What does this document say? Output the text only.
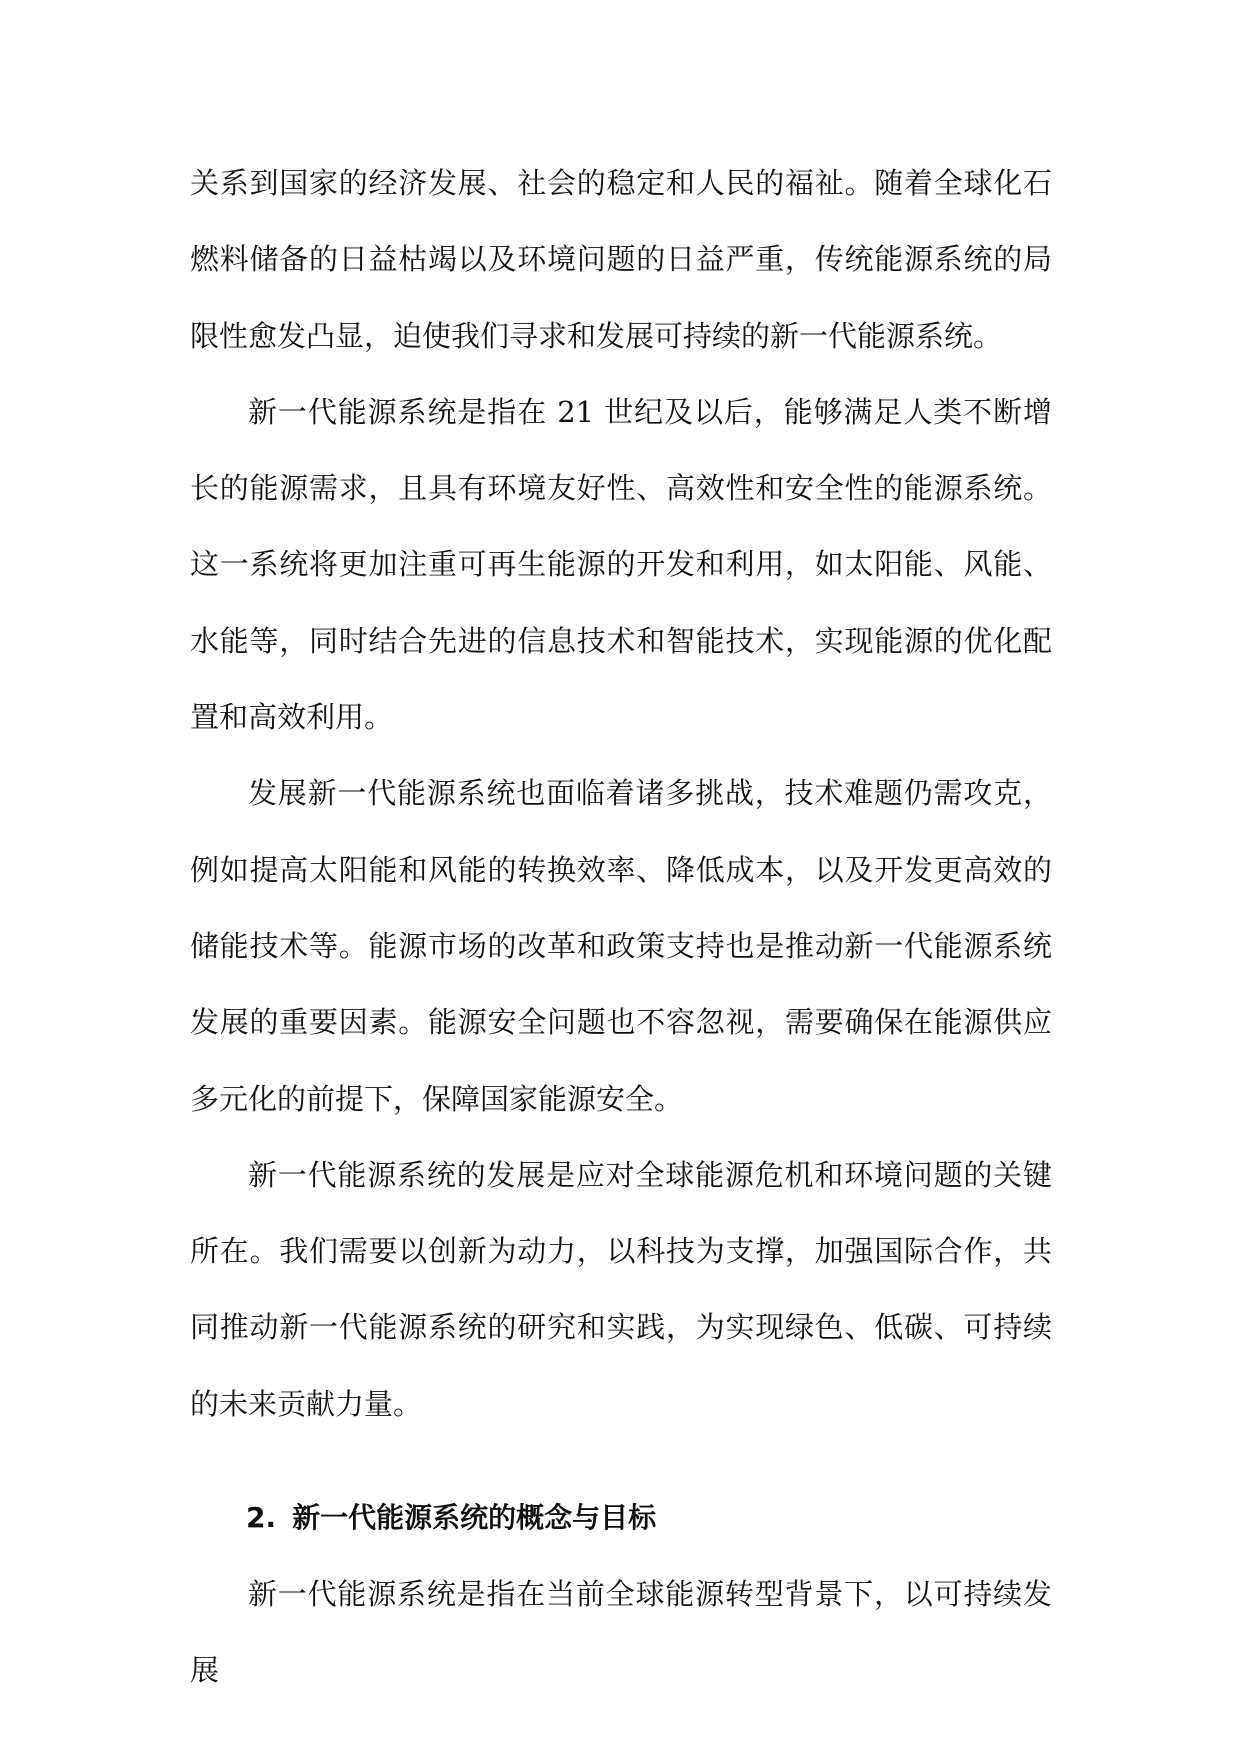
关系到国家的经济发展、社会的稳定和人民的福祉。随着全球化石燃料储备的日益枯竭以及环境问题的日益严重，传统能源系统的局限性愈发凸显，迫使我们寻求和发展可持续的新一代能源系统。

新一代能源系统是指在 21 世纪及以后，能够满足人类不断增长的能源需求，且具有环境友好性、高效性和安全性的能源系统。这一系统将更加注重可再生能源的开发和利用，如太阳能、风能、水能等，同时结合先进的信息技术和智能技术，实现能源的优化配置和高效利用。

发展新一代能源系统也面临着诸多挑战，技术难题仍需攻克，例如提高太阳能和风能的转换效率、降低成本，以及开发更高效的储能技术等。能源市场的改革和政策支持也是推动新一代能源系统发展的重要因素。能源安全问题也不容忽视，需要确保在能源供应多元化的前提下，保障国家能源安全。

新一代能源系统的发展是应对全球能源危机和环境问题的关键所在。我们需要以创新为动力，以科技为支撑，加强国际合作，共同推动新一代能源系统的研究和实践，为实现绿色、低碳、可持续的未来贡献力量。

2. 新一代能源系统的概念与目标

新一代能源系统是指在当前全球能源转型背景下，以可持续发展
